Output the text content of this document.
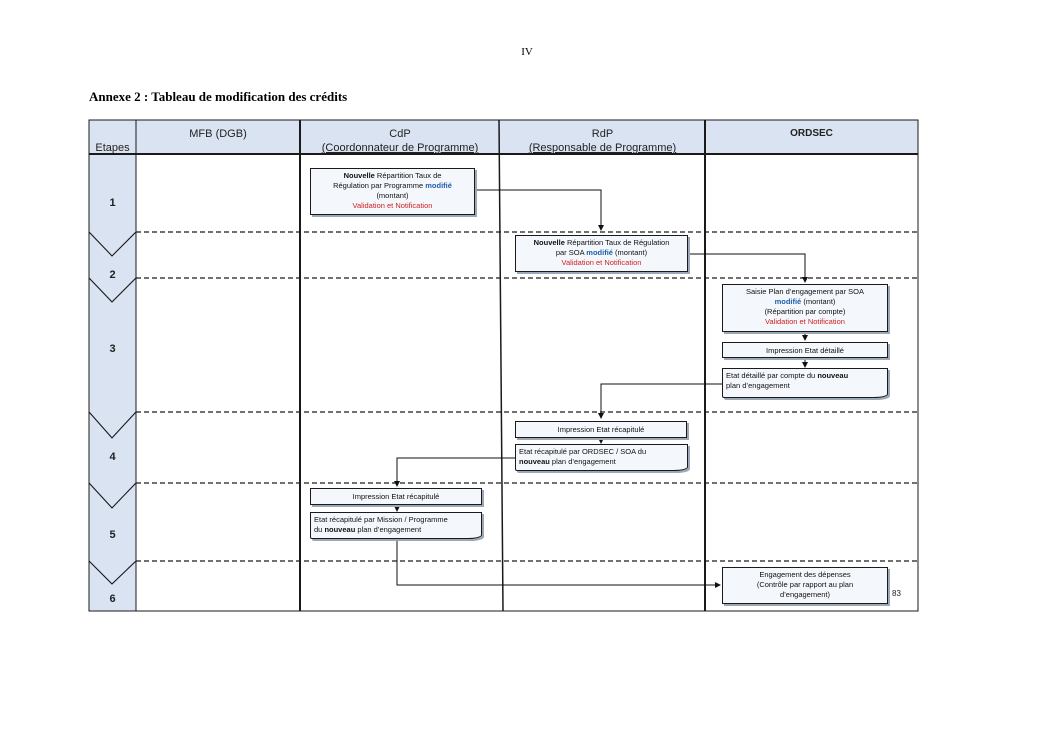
IV
Annexe 2 : Tableau de modification des crédits
Etapes
MFB (DGB)	CdP
(Coordonnateur de Programme)
RdP
(Responsable de Programme)
ORDSEC
1
2
3
4
5
6
Nouvelle Répartition Taux de
Régulation par Programme modifié
(montant)
Validation et Notification
Nouvelle Répartition Taux de Régulation
par SOA modifié (montant)
Validation et Notification
Saisie Plan d’engagement par SOA
modifié (montant)
(Répartition par compte)
Validation et Notification
Impression Etat détaillé
Etat détaillé par compte du nouveau
plan d’engagement
Impression Etat récapitulé
Etat récapitulé par ORDSEC / SOA du
nouveau plan d’engagement
Impression Etat récapitulé
Etat récapitulé par Mission / Programme
du nouveau plan d’engagement
Engagement des dépenses
(Contrôle par rapport au plan
d’engagement)	83
